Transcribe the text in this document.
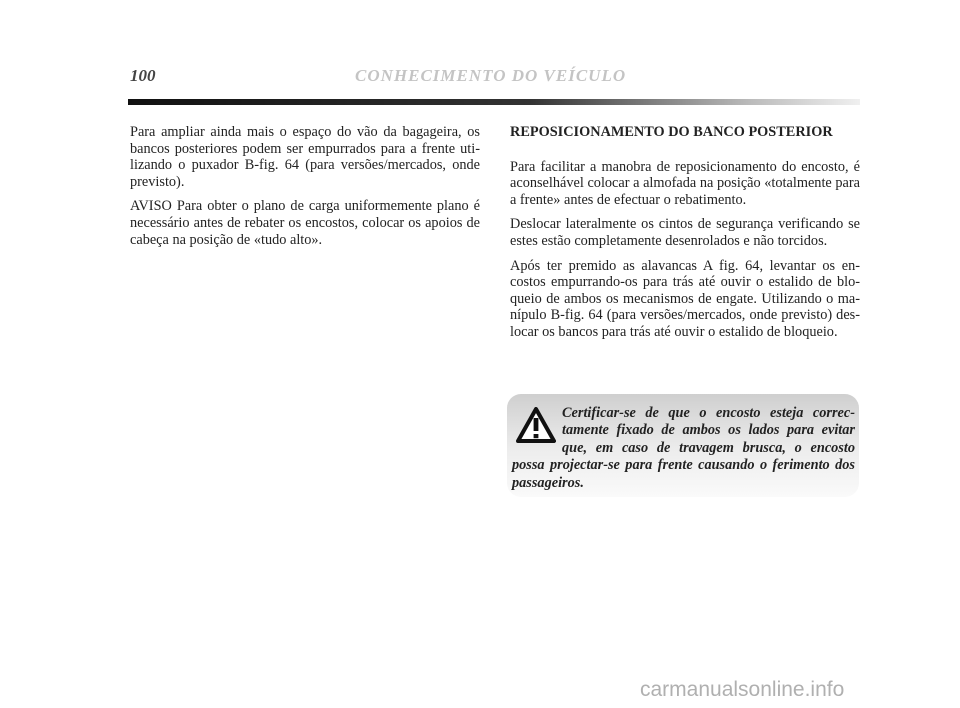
100	CONHECIMENTO DO VEÍCULO

Para ampliar ainda mais o espaço do vão da bagageira, os bancos posteriores podem ser empurrados para a frente utilizando o puxador B-fig. 64 (para versões/mercados, onde previsto).

AVISO Para obter o plano de carga uniformemente plano é necessário antes de rebater os encostos, colocar os apoios de cabeça na posição de «tudo alto».

REPOSICIONAMENTO DO BANCO POSTERIOR

Para facilitar a manobra de reposicionamento do encosto, é aconselhável colocar a almofada na posição «totalmente para a frente» antes de efectuar o rebatimento.

Deslocar lateralmente os cintos de segurança verificando se estes estão completamente desenrolados e não torcidos.

Após ter premido as alavancas A fig. 64, levantar os encostos empurrando-os para trás até ouvir o estalido de bloqueio de ambos os mecanismos de engate. Utilizando o manípulo B-fig. 64 (para versões/mercados, onde previsto) deslocar os bancos para trás até ouvir o estalido de bloqueio.

Certificar-se de que o encosto esteja correctamente fixado de ambos os lados para evitar que, em caso de travagem brusca, o encosto possa projectar-se para frente causando o ferimento dos passageiros.
carmanualsonline.info
